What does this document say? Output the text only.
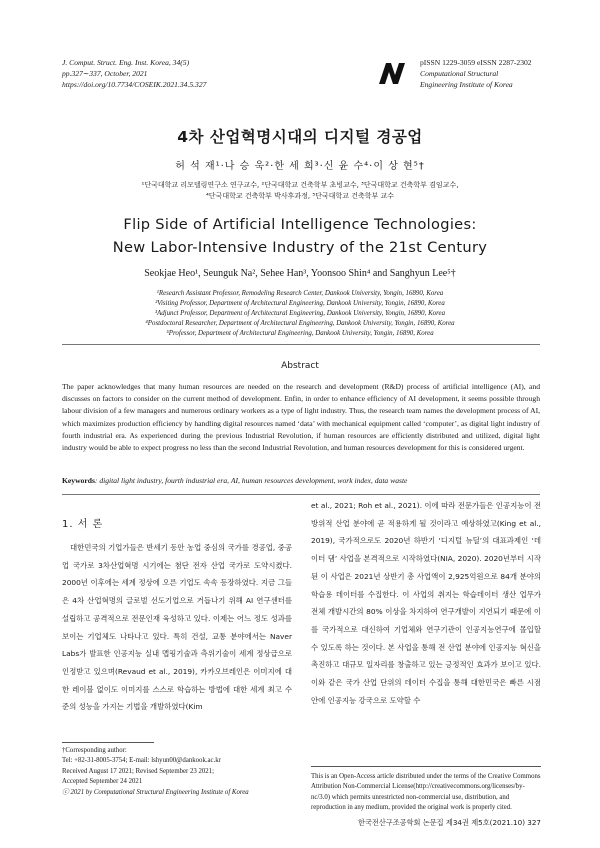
J. Comput. Struct. Eng. Inst. Korea, 34(5)
pp.327∼337, October, 2021
https://doi.org/10.7734/COSEIK.2021.34.5.327
pISSN 1229-3059 eISSN 2287-2302
Computational Structural
Engineering Institute of Korea
4차 산업혁명시대의 디지털 경공업
허 석 재¹·나 승 욱²·한 세 희³·신 윤 수⁴·이 상 현⁵†
¹단국대학교 리모델링연구소 연구교수, ²단국대학교 건축학부 초빙교수, ³단국대학교 건축학부 겸임교수,
⁴단국대학교 건축학부 박사후과정, ⁵단국대학교 건축학부 교수
Flip Side of Artificial Intelligence Technologies:
New Labor-Intensive Industry of the 21st Century
Seokjae Heo¹, Seunguk Na², Sehee Han³, Yoonsoo Shin⁴ and Sanghyun Lee⁵†
¹Research Assistant Professor, Remodeling Research Center, Dankook University, Yongin, 16890, Korea
²Visiting Professor, Department of Architectural Engineering, Dankook University, Yongin, 16890, Korea
³Adjunct Professor, Department of Architectural Engineering, Dankook University, Yongin, 16890, Korea
⁴Postdoctoral Researcher, Department of Architectural Engineering, Dankook University, Yongin, 16890, Korea
⁵Professor, Department of Architectural Engineering, Dankook University, Yongin, 16890, Korea
Abstract
The paper acknowledges that many human resources are needed on the research and development (R&D) process of artificial intelligence (AI), and discusses on factors to consider on the current method of development. Enfin, in order to enhance efficiency of AI development, it seems possible through labour division of a few managers and numerous ordinary workers as a type of light industry. Thus, the research team names the development process of AI, which maximizes production efficiency by handling digital resources named ‘data’ with mechanical equipment called ‘computer’, as digital light industry of fourth industrial era. As experienced during the previous Industrial Revolution, if human resources are efficiently distributed and utilized, digital light industry would be able to expect progress no less than the second Industrial Revolution, and human resources development for this is considered urgent.
Keywords: digital light industry, fourth industrial era, AI, human resources development, work index, data waste
1. 서 론
대한민국의 기업가들은 반세기 동안 농업 중심의 국가를 경공업, 중공업 국가로 3차산업혁명 시기에는 첨단 전자 산업 국가로 도약시켰다. 2000년 이후에는 세계 정상에 오른 기업도 속속 등장하였다. 지금 그들은 4차 산업혁명의 글로벌 선도기업으로 거듭나기 위해 AI 연구센터를 설립하고 공격적으로 전문인재 육성하고 있다. 이제는 어느 정도 성과를 보이는 기업체도 나타나고 있다. 특히 건설, 교통 분야에서는 Naver Labs가 발표한 인공지능 실내 맵핑기술과 측위기술이 세계 정상급으로 인정받고 있으며(Revaud et al., 2019), 카카오브레인은 이미지에 대한 레이블 없이도 이미지를 스스로 학습하는 방법에 대한 세계 최고 수준의 성능을 가지는 기법을 개발하였다(Kim
et al., 2021; Roh et al., 2021). 이에 따라 전문가들은 인공지능이 전방위적 산업 분야에 곧 적용하게 될 것이라고 예상하였고(King et al., 2019), 국가적으로도 2020년 하반기 ‘디지털 뉴딜’의 대표과제인 ‘데이터 댐’ 사업을 본격적으로 시작하였다(NIA, 2020). 2020년부터 시작된 이 사업은 2021년 상반기 총 사업액이 2,925억원으로 84개 분야의 학습용 데이터를 수집한다. 이 사업의 취지는 학습데이터 생산 업무가 전체 개발시간의 80% 이상을 차지하여 연구개발이 지연되기 때문에 이를 국가적으로 대신하여 기업체와 연구기관이 인공지능연구에 몰입할 수 있도록 하는 것이다. 본 사업을 통해 전 산업 분야에 인공지능 혁신을 촉진하고 대규모 일자리를 창출하고 있는 긍정적인 효과가 보이고 있다. 이와 같은 국가 산업 단위의 데이터 수집을 통해 대한민국은 빠른 시점 안에 인공지능 강국으로 도약할 수
†Corresponding author:
Tel: +82-31-8005-3754; E-mail: lshyun00@dankook.ac.kr
Received August 17 2021; Revised September 23 2021;
Accepted September 24 2021
ⓒ 2021 by Computational Structural Engineering Institute of Korea
This is an Open-Access article distributed under the terms of the Creative Commons Attribution Non-Commercial License(http://creativecommons.org/licenses/by-nc/3.0) which permits unrestricted non-commercial use, distribution, and reproduction in any medium, provided the original work is properly cited.
한국전산구조공학회 논문집 제34권 제5호(2021.10) 327
